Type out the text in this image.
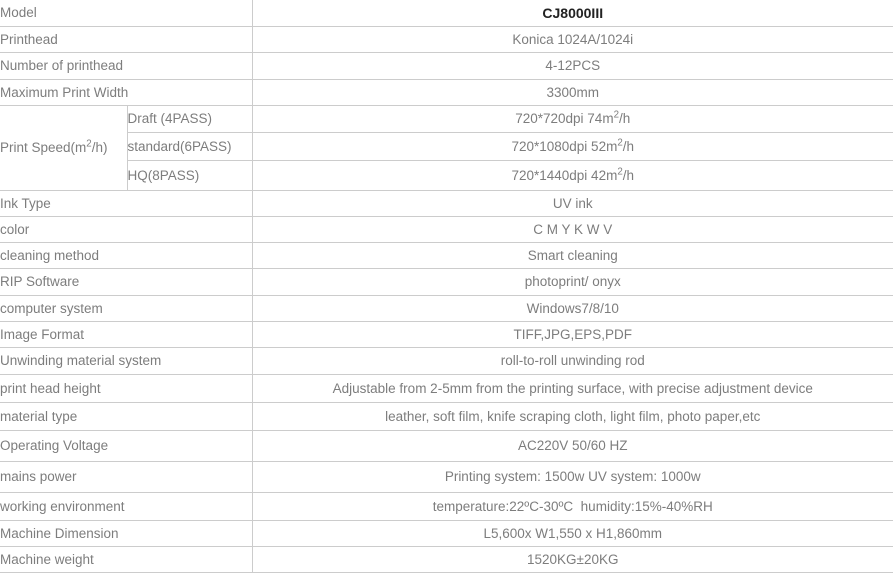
Model		CJ8000III
Printhead		Konica 1024A/1024i
Number of printhead		4-12PCS
Maximum Print Width		3300mm
Print $Speed(m^2/h)$	Draft (4PASS)	720*720dpi $74m^2/h$
	standard(6PASS)	720*1080dpi $52m^2/h$
	HQ(8PASS)	720*1440dpi $42m^2/h$
Ink Type		UV ink
color		C M Y K W V
cleaning method		Smart cleaning
RIP Software		photoprint/ onyx
computer system		Windows7/8/10
Image Format		TIFF,JPG,EPS,PDF
Unwinding material system		roll-to-roll unwinding rod
print head height		Adjustable from 2-5mm from the printing surface, with precise adjustment device
material type		leather, soft film, knife scraping cloth, light film, photo paper,etc
Operating Voltage		AC220V 50/60 HZ
mains power		Printing system: 1500w UV system: 1000w
working environment		temperature:22ºC-30ºC  humidity:15%-40%RH
Machine Dimension		L5,600x W1,550 x H1,860mm
Machine weight		1520KG±20KG
